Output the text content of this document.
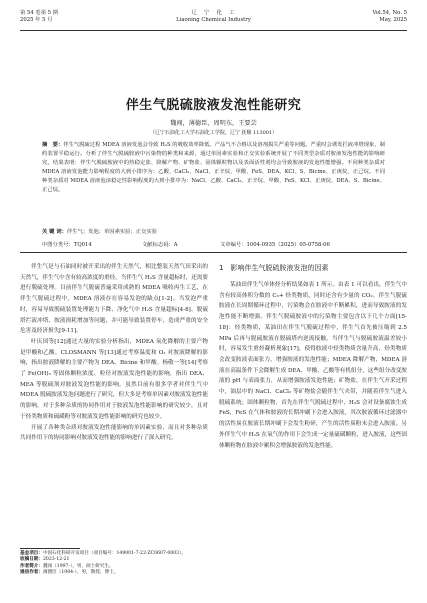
第 54 卷第 5 期
2025 年 5 月
辽　宁　化　工
Liaoning Chemical Industry
Vol.54, No. 5
May, 2025
伴生气脱硫胺液发泡性能研究
魏闯，薄德臣，周明东，王要芸
（辽宁石油化工大学石油化工学院，辽宁 抚顺 113001）
摘　要：伴生气脱硫过程 MDEA 溶液发泡会导致 H₂S 的吸收效率降低、产品气不合格以及溶剂损失严重等问题。严重时会诱发拦液冲塔现象，制约装置平稳运行。分析了伴生气脱硫胺液中污染物的种类和来源，通过单因素实验和正交实验系统开展了不同类型杂质对胺液发泡性能的影响研究。结果表明：伴生气脱硫胺液中的热稳定盐、降解产物、矿物盐、固体颗粒物以及表面活性剂均会导致胺液的发泡性能增强。不同种类杂质对 MDEA 溶液发泡能力影响程度的大到小排序为：乙酸、CaCl₂、NaCl、正辛烷、甲酸、FeS、DEA、KCl、S、Bicine、正庚烷、正己烷。不同种类杂质对 MDEA 溶液泡沫稳定性影响程度的大到小排序为：NaCl、乙酸、CaCl₂、正辛烷、甲酸、FeS、KCl、正庚烷、DEA、S、Bicine、正己烷。
关 键 词：伴生气；发泡；单因素实验；正交实验
中图分类号：TQ014	文献标志码：A	文章编号：1004-0935（2025）05-0758-06

伴生气是与石油同时被开采出的伴生天然气，相比整装天然气田采出的天然气，伴生气中含有较高浓度的重烃，当伴生气 H₂S 含量超标时，还需要进行脱硫处理。目前伴生气脱硫普遍采用成熟的 MDEA 吸收再生工艺，在伴生气脱硫过程中，MDEA 溶液存在容易发泡的缺点[1-2]。当发泡严重时，容易导致脱硫装置处理能力下降、净化气中 H₂S 含量超标[4-8]、脱硫塔拦液冲塔、胺液损耗增加等问题，并可能导致装置停车，造成严重的安全危害及经济损失[9-11]。

叶庆国等[12]通过大量的实验分析指出，MDEA 氧化降解的主要产物是甲酸和乙酸。CLOSMANN 等[13]通过考察温度和 O₂ 对胺液降解的影响，指出胺液降解的主要产物为 DEA、Bicine 和甲酸。杨敬一等[14]考察了 Fe(OH)₃ 等固体颗粒浓度、粒径对胺液发泡性能的影响，指出 DEA、MEA 等脱硫剂对胺液发泡性能的影响。虽然目前有很多学者对伴生气中 MDEA 脱硫胺液发泡问题进行了研究，但大多是考察单因素对胺液发泡性能的影响，对于多种杂质的协同作用对于胺液发泡性能影响的研究较少，且对于烃类物质和硫磺粉等对胺液发泡性能影响的研究也较少。

开展了各种类杂质对胺液发泡性能影响的单因素实验，而且对多种杂质共同作用下的协同影响对胺液发泡性能的影响进行了深入研究。

1　影响伴生气脱硫胺液发泡的因素

某油田伴生气单体烃分析结果如表 1 所示。由表 1 可以看出，伴生气中含有较高体积分数的 C₅+ 烃类物质，同时还含有少量的 CO₂。伴生气脱硫胺液在长周期循环过程中，污染物会在胺液中不断累积，进而导致胺液的发泡性能不断增强。伴生气脱硫胺液中的污染物主要包含以下几个方面[15-18]：烃类物质，某油田在伴生气脱硫过程中，伴生气首先被压缩到 2.5 MPa 后再与脱硫胺液在脱硫塔内逆流接触，当伴生气与脱硫胺液温差较小时，容易发生重烃凝析现象[17]，使得胺液中烃类物质含量升高，烃类物质会改变胺液表面张力，增强胺液的发泡性能；MDEA 降解产物，MDEA 溶液在高温条件下会降解生成 DEA、甲酸、乙酸等有机组分，这些组分改变胺液的 pH 与表面张力，从而增强胺液发泡性能；矿物盐，在伴生气开采过程中，油层中的 NaCl、CaCl₂ 等矿物盐会随伴生气夹带，并随着伴生气进入脱硫系统；固体颗粒物，首先在伴生气脱硫过程中，H₂S 会对设备腐蚀生成 FeS，FeS 在气体和胺液的长期冲刷下会进入胺液，其次胺液循环过滤器中的活性炭在胺液长期冲刷下会发生粉碎，产生的活性炭粉末会进入胺液。另外伴生气中 H₂S 在氧气的作用下会生成一定量硫磺颗粒，进入胺液，这些固体颗粒物在胺液中累积会增强胺液的发泡性能。

基金项目：中国石化科研开发项目（项目编号：149001-7-22-ZC0607-0003）。
收稿日期：2023-12-21
作者简介：魏闯（1997-），男，硕士研究生。
通信作者：薄德臣（1984-），男，教授，博士。
